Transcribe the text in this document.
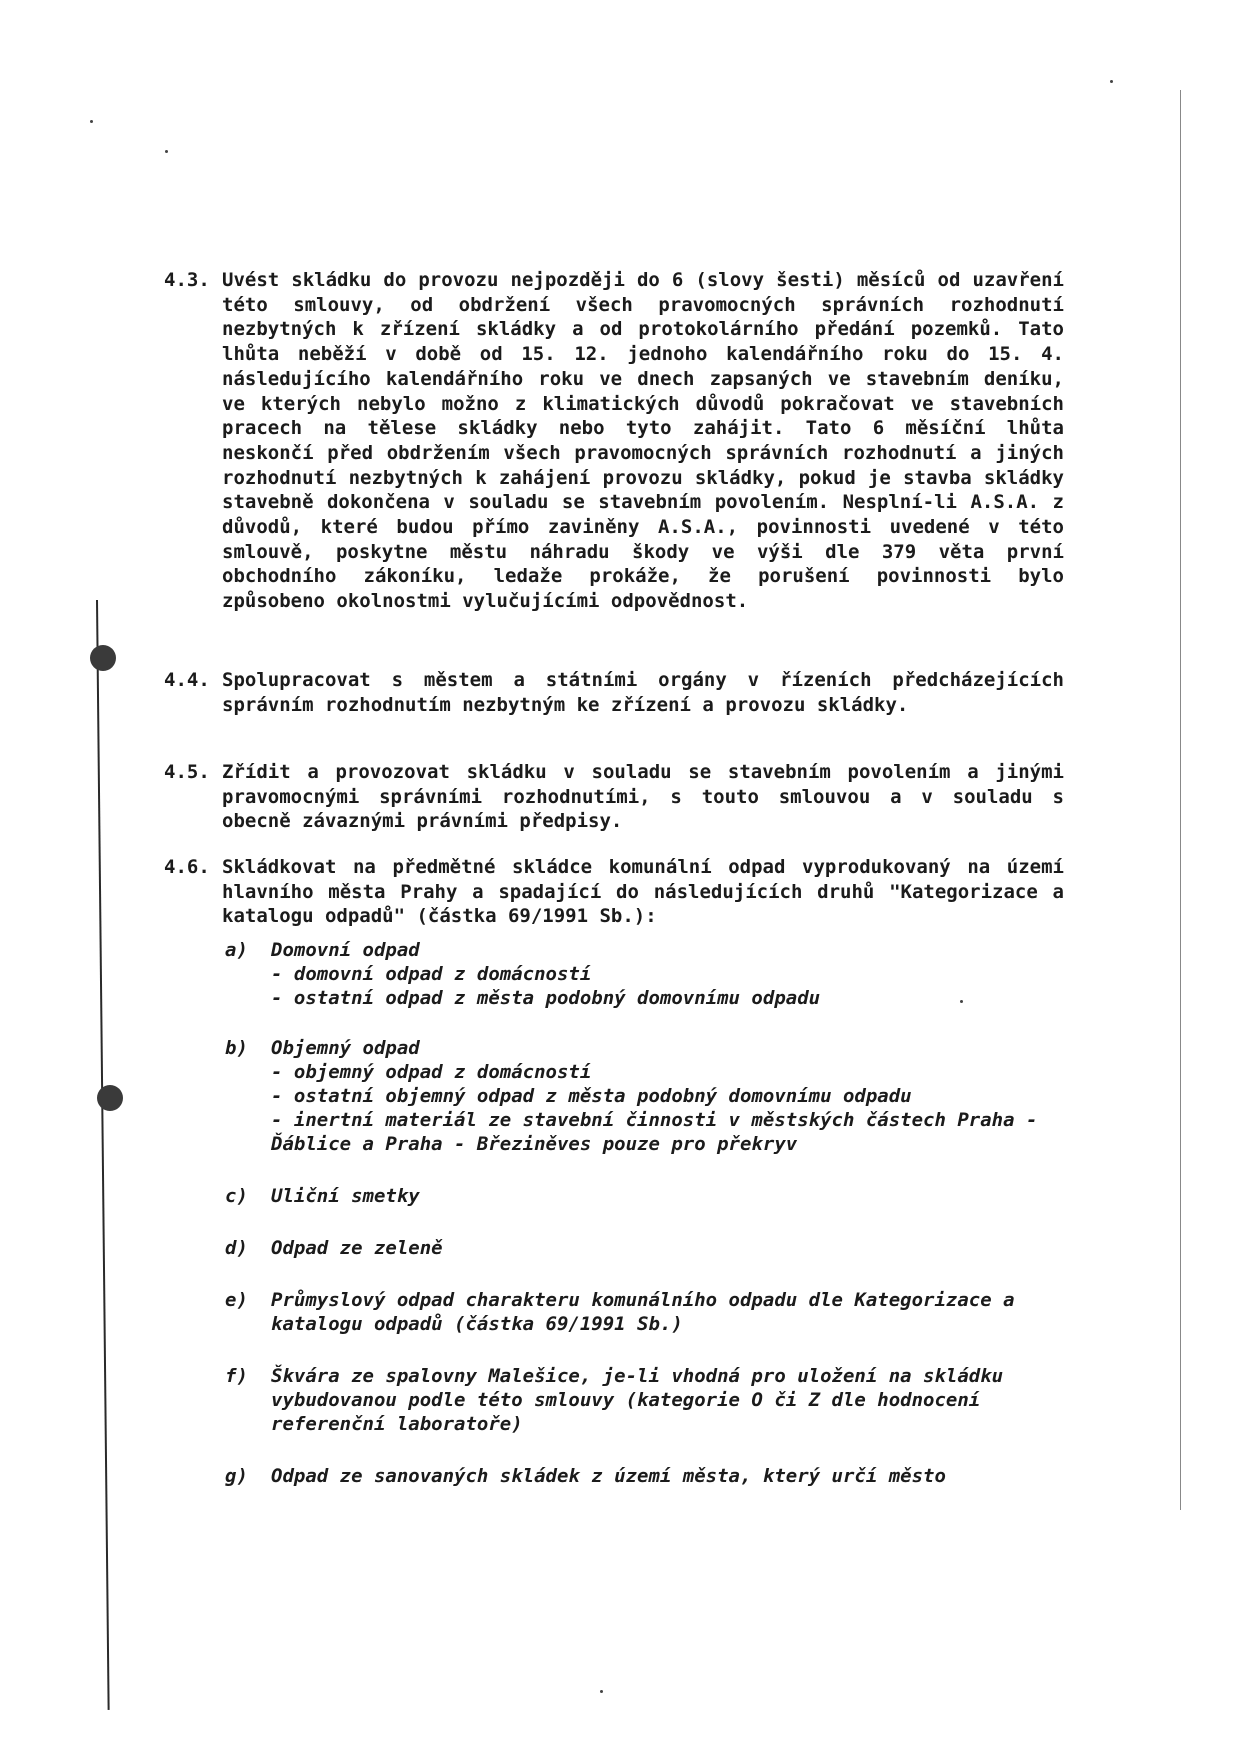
4.3. Uvést skládku do provozu nejpozději do 6 (slovy šesti) měsíců od uzavření této smlouvy, od obdržení všech pravomocných správních rozhodnutí nezbytných k zřízení skládky a od protokolárního předání pozemků. Tato lhůta neběží v době od 15. 12. jednoho kalendářního roku do 15. 4. následujícího kalendářního roku ve dnech zapsaných ve stavebním deníku, ve kterých nebylo možno z klimatických důvodů pokračovat ve stavebních pracech na tělese skládky nebo tyto zahájit. Tato 6 měsíční lhůta neskončí před obdržením všech pravomocných správních rozhodnutí a jiných rozhodnutí nezbytných k zahájení provozu skládky, pokud je stavba skládky stavebně dokončena v souladu se stavebním povolením. Nesplní-li A.S.A. z důvodů, které budou přímo zaviněny A.S.A., povinnosti uvedené v této smlouvě, poskytne městu náhradu škody ve výši dle 379 věta první obchodního zákoníku, ledaže prokáže, že porušení povinnosti bylo způsobeno okolnostmi vylučujícími odpovědnost.
4.4. Spolupracovat s městem a státními orgány v řízeních předcházejících správním rozhodnutím nezbytným ke zřízení a provozu skládky.
4.5. Zřídit a provozovat skládku v souladu se stavebním povolením a jinými pravomocnými správními rozhodnutími, s touto smlouvou a v souladu s obecně závaznými právními předpisy.
4.6. Skládkovat na předmětné skládce komunální odpad vyprodukovaný na území hlavního města Prahy a spadající do následujících druhů "Kategorizace a katalogu odpadů" (částka 69/1991 Sb.):
a)	Domovní odpad
- domovní odpad z domácností
- ostatní odpad z města podobný domovnímu odpadu
b)	Objemný odpad
- objemný odpad z domácností
- ostatní objemný odpad z města podobný domovnímu odpadu
- inertní materiál ze stavební činnosti v městských částech Praha - Ďáblice a Praha - Březiněves pouze pro překryv
c)	Uliční smetky
d)	Odpad ze zeleně
e)	Průmyslový odpad charakteru komunálního odpadu dle Kategorizace a katalogu odpadů (částka 69/1991 Sb.)
f)	Škvára ze spalovny Malešice, je-li vhodná pro uložení na skládku vybudovanou podle této smlouvy (kategorie O či Z dle hodnocení referenční laboratoře)
g)	Odpad ze sanovaných skládek z území města, který určí město
